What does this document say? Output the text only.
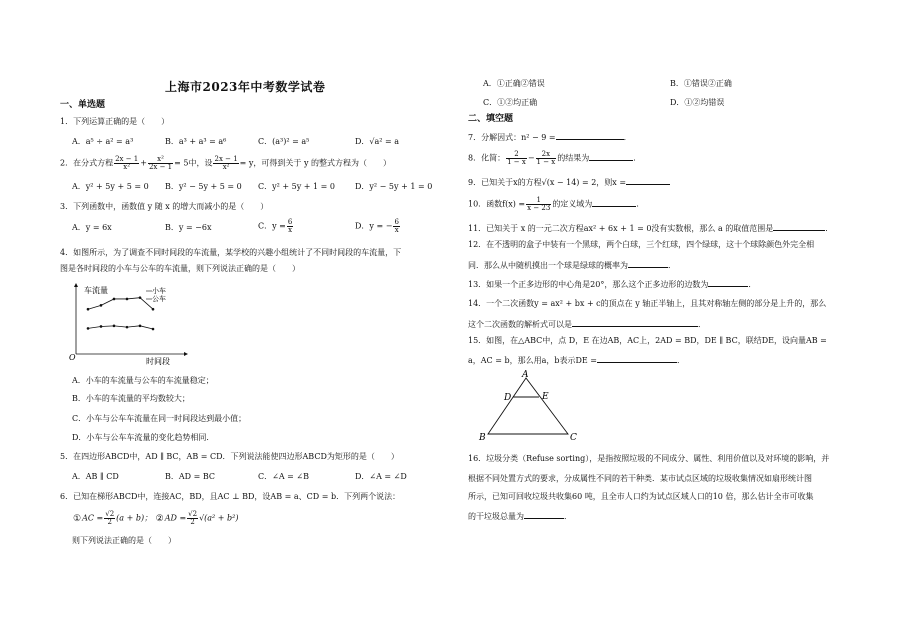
上海市2023年中考数学试卷
一、单选题
1．下列运算正确的是（　　）
A．a⁵ ÷ a² = a³	B．a³ + a³ = a⁶	C．(a³)² = a⁵	D．√a² = a
2．在分式方程 $\frac{2x - 1}{\text{x²}} + \frac{\text{x²}}{2x - 1} = 5$中，设 $\frac{2x - 1}{\text{x²}} = y$，可得到关于 y 的整式方程为（　　）
A．y² + 5y + 5 = 0 B．y² − 5y + 5 = 0 C．y² + 5y + 1 = 0 D．y² − 5y + 1 = 0
3．下列函数中，函数值 y 随 x 的增大而减小的是（　　）
A．y = 6x	B．y = −6x	C．$y = \frac{6}{x}$	D．y = − $\frac{6}{x}$
4．如图所示，为了调查不同时间段的车流量，某学校的兴趣小组统计了不同时间段的车流量，下
图是各时间段的小车与公车的车流量，则下列说法正确的是（　　）
车流量
时间段
O
小车
公车
A．小车的车流量与公车的车流量稳定；
B．小车的车流量的平均数较大；
C．小车与公车车流量在同一时间段达到最小值；
D．小车与公车车流量的变化趋势相同．
5．在四边形ABCD中，AD ∥ BC，AB = CD．下列说法能使四边形ABCD为矩形的是（　　）
A．AB ∥ CD	B．AD = BC	C．∠A = ∠B	D．∠A = ∠D
6．已知在梯形ABCD中，连接AC，BD，且AC ⊥ BD，设AB = a、CD = b．下列两个说法：
①AC = $\frac{√2}{2} (a + b)$； ②AD = $\frac{√2}{2} √(a^2 + b^2)$
则下列说法正确的是（　　）
A．①正确②错误	B．①错误②正确
C．①②均正确	D．①②均错误
二、填空题
7．分解因式：n² − 9 =	．
8．化简： $\frac{2}{1 - x} - \frac{2x}{1 - x}$ 的结果为	．
9．已知关于x的方程√(x − 14) = 2，则x =
10．函数$f(x) = \frac{1}{x - 23}$ 的定义域为	．
11．已知关于 x 的一元二次方程ax² + 6x + 1 = 0没有实数根，那么 a 的取值范围是	．
12．在不透明的盒子中装有一个黑球，两个白球，三个红球，四个绿球，这十个球除颜色外完全相
同．那么从中随机摸出一个球是绿球的概率为	．
13．如果一个正多边形的中心角是20°，那么这个正多边形的边数为	．
14．一个二次函数y = ax² + bx + c的顶点在 y 轴正半轴上，且其对称轴左侧的部分是上升的，那么
这个二次函数的解析式可以是	．
15．如图，在△ABC中，点 D，E 在边AB，AC上，2AD = BD，DE ∥ BC，联结DE，设向量AB =
a，AC = b，那么用a，b表示DE =	．
A
D	E
B	C
16．垃圾分类（Refuse sorting），是指按照垃圾的不同成分、属性、利用价值以及对环境的影响，并
根据不同处置方式的要求，分成属性不同的若干种类．某市试点区域的垃圾收集情况如扇形统计图
所示，已知可回收垃圾共收集60 吨，且全市人口约为试点区域人口的10 倍，那么估计全市可收集
的干垃圾总量为	．
